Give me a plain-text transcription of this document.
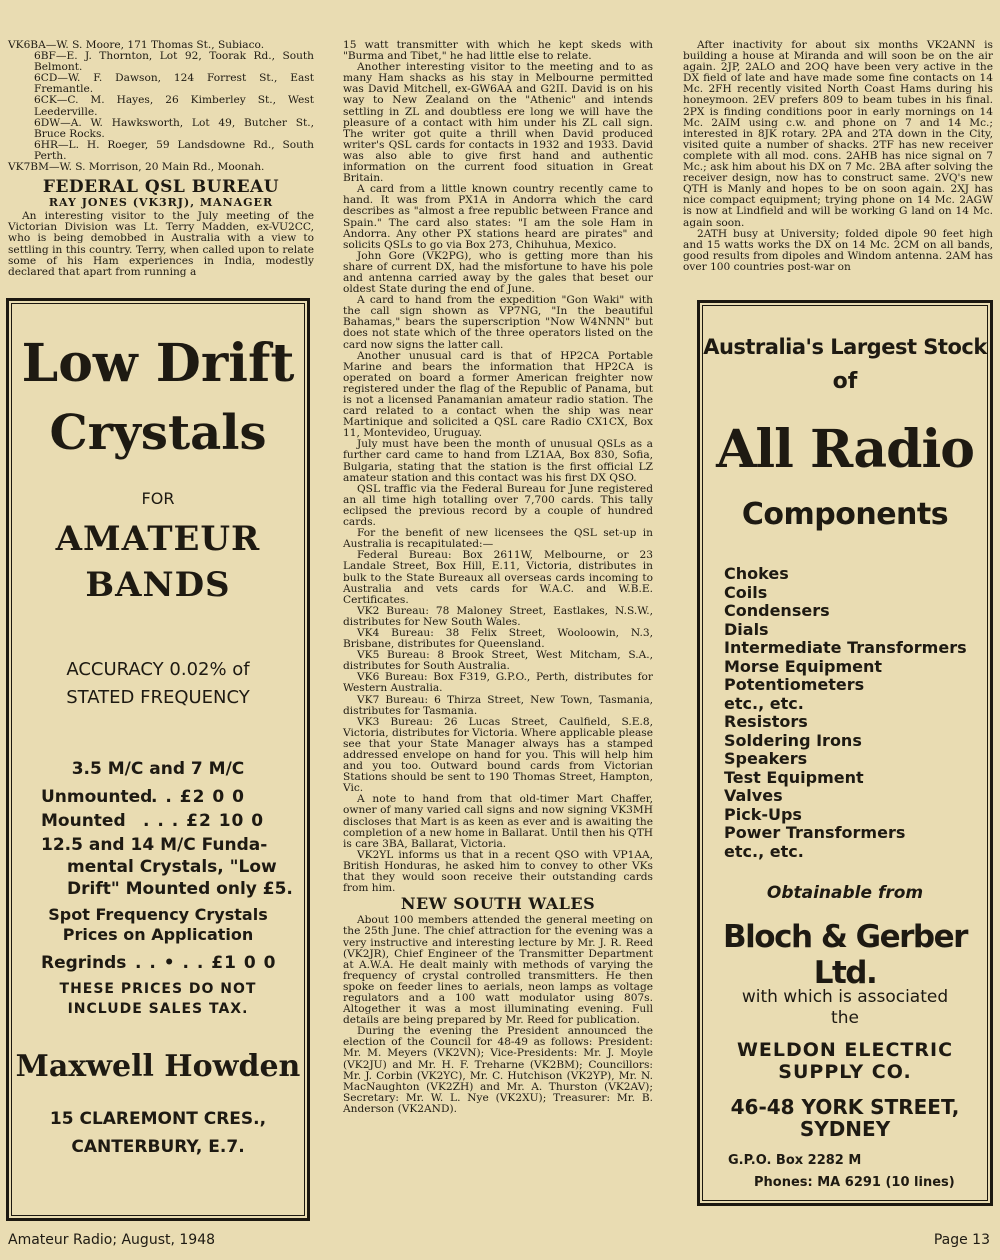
VK6BA—W. S. Moore, 171 Thomas St., Subiaco.

6BF—E. J. Thornton, Lot 92, Toorak Rd., South Belmont.

6CD—W. F. Dawson, 124 Forrest St., East Fremantle.

6CK—C. M. Hayes, 26 Kimberley St., West Leederville.

6DW—A. W. Hawksworth, Lot 49, Butcher St., Bruce Rocks.

6HR—L. H. Roeger, 59 Landsdowne Rd., South Perth.

VK7BM—W. S. Morrison, 20 Main Rd., Moonah.

FEDERAL QSL BUREAU
RAY JONES (VK3RJ), MANAGER

An interesting visitor to the July meeting of the Victorian Division was Lt. Terry Madden, ex-VU2CC, who is being demobbed in Australia with a view to settling in this country. Terry, when called upon to relate some of his Ham experiences in India, modestly declared that apart from running a

Low Drift

Crystals

FOR

AMATEUR

BANDS

ACCURACY 0.02% of

STATED FREQUENCY

3.5 M/C and 7 M/C

Unmounted

. . £2 0 0

Mounted . . . £2 10 0

12.5 and 14 M/C Funda-

mental Crystals, "Low

Drift" Mounted only £5.

Spot Frequency Crystals

Prices on Application

Regrinds . . • . . £1 0 0

THESE PRICES DO NOT

INCLUDE SALES TAX.

Maxwell Howden

15 CLAREMONT CRES.,

CANTERBURY, E.7.

15 watt transmitter with which he kept skeds with "Burma and Tibet," he had little else to relate.

Another interesting visitor to the meeting and to as many Ham shacks as his stay in Melbourne permitted was David Mitchell, ex-GW6AA and G2II. David is on his way to New Zealand on the "Athenic" and intends settling in ZL and doubtless ere long we will have the pleasure of a contact with him under his ZL call sign. The writer got quite a thrill when David produced writer's QSL cards for contacts in 1932 and 1933. David was also able to give first hand and authentic information on the current food situation in Great Britain.

A card from a little known country recently came to hand. It was from PX1A in Andorra which the card describes as "almost a free republic between France and Spain." The card also states: "I am the sole Ham in Andorra. Any other PX stations heard are pirates" and solicits QSLs to go via Box 273, Chihuhua, Mexico.

John Gore (VK2PG), who is getting more than his share of current DX, had the misfortune to have his pole and antenna carried away by the gales that beset our oldest State during the end of June.

A card to hand from the expedition "Gon Waki" with the call sign shown as VP7NG, "In the beautiful Bahamas," bears the superscription "Now W4NNN" but does not state which of the three operators listed on the card now signs the latter call.

Another unusual card is that of HP2CA Portable Marine and bears the information that HP2CA is operated on board a former American freighter now registered under the flag of the Republic of Panama, but is not a licensed Panamanian amateur radio station. The card related to a contact when the ship was near Martinique and solicited a QSL care Radio CX1CX, Box 11, Montevideo, Uruguay.

July must have been the month of unusual QSLs as a further card came to hand from LZ1AA, Box 830, Sofia, Bulgaria, stating that the station is the first official LZ amateur station and this contact was his first DX QSO.

QSL traffic via the Federal Bureau for June registered an all time high totalling over 7,700 cards. This tally eclipsed the previous record by a couple of hundred cards.

For the benefit of new licensees the QSL set-up in Australia is recapitulated:—

Federal Bureau: Box 2611W, Melbourne, or 23 Landale Street, Box Hill, E.11, Victoria, distributes in bulk to the State Bureaux all overseas cards incoming to Australia and vets cards for W.A.C. and W.B.E. Certificates.

VK2 Bureau: 78 Maloney Street, Eastlakes, N.S.W., distributes for New South Wales.

VK4 Bureau: 38 Felix Street, Wooloowin, N.3, Brisbane, distributes for Queensland.

VK5 Bureau: 8 Brook Street, West Mitcham, S.A., distributes for South Australia.

VK6 Bureau: Box F319, G.P.O., Perth, distributes for Western Australia.

VK7 Bureau: 6 Thirza Street, New Town, Tasmania, distributes for Tasmania.

VK3 Bureau: 26 Lucas Street, Caulfield, S.E.8, Victoria, distributes for Victoria. Where applicable please see that your State Manager always has a stamped addressed envelope on hand for you. This will help him and you too. Outward bound cards from Victorian Stations should be sent to 190 Thomas Street, Hampton, Vic.

A note to hand from that old-timer Mart Chaffer, owner of many varied call signs and now signing VK3MH discloses that Mart is as keen as ever and is awaiting the completion of a new home in Ballarat. Until then his QTH is care 3BA, Ballarat, Victoria.

VK2YL informs us that in a recent QSO with VP1AA, British Honduras, he asked him to convey to other VKs that they would soon receive their outstanding cards from him.

NEW SOUTH WALES

About 100 members attended the general meeting on the 25th June. The chief attraction for the evening was a very instructive and interesting lecture by Mr. J. R. Reed (VK2JR), Chief Engineer of the Transmitter Department at A.W.A. He dealt mainly with methods of varying the frequency of crystal controlled transmitters. He then spoke on feeder lines to aerials, neon lamps as voltage regulators and a 100 watt modulator using 807s. Altogether it was a most illuminating evening. Full details are being prepared by Mr. Reed for publication.

During the evening the President announced the election of the Council for 48-49 as follows: President: Mr. M. Meyers (VK2VN); Vice-Presidents: Mr. J. Moyle (VK2JU) and Mr. H. F. Treharne (VK2BM); Councillors: Mr. J. Corbin (VK2YC), Mr. C. Hutchison (VK2YP), Mr. N. MacNaughton (VK2ZH) and Mr. A. Thurston (VK2AV); Secretary: Mr. W. L. Nye (VK2XU); Treasurer: Mr. B. Anderson (VK2AND).

After inactivity for about six months VK2ANN is building a house at Miranda and will soon be on the air again. 2JP, 2ALO and 2OQ have been very active in the DX field of late and have made some fine contacts on 14 Mc. 2FH recently visited North Coast Hams during his honeymoon. 2EV prefers 809 to beam tubes in his final. 2PX is finding conditions poor in early mornings on 14 Mc. 2AIM using c.w. and phone on 7 and 14 Mc.; interested in 8JK rotary. 2PA and 2TA down in the City, visited quite a number of shacks. 2TF has new receiver complete with all mod. cons. 2AHB has nice signal on 7 Mc.; ask him about his DX on 7 Mc. 2BA after solving the receiver design, now has to construct same. 2VQ's new QTH is Manly and hopes to be on soon again. 2XJ has nice compact equipment; trying phone on 14 Mc. 2AGW is now at Lindfield and will be working G land on 14 Mc. again soon.

2ATH busy at University; folded dipole 90 feet high and 15 watts works the DX on 14 Mc. 2CM on all bands, good results from dipoles and Windom antenna. 2AM has over 100 countries post-war on

Australia's Largest Stock

of

All Radio

Components

Chokes
Coils
Condensers
Dials
Intermediate Transformers
Morse Equipment
Potentiometers
etc., etc.
Resistors
Soldering Irons
Speakers
Test Equipment
Valves
Pick-Ups
Power Transformers
etc., etc.

Obtainable from

Bloch & Gerber Ltd.

with which is associated

the

WELDON ELECTRIC

SUPPLY CO.

46-48 YORK STREET,

SYDNEY

G.P.O. Box 2282 M

Phones: MA 6291 (10 lines)

Amateur Radio; August, 1948	Page 13
